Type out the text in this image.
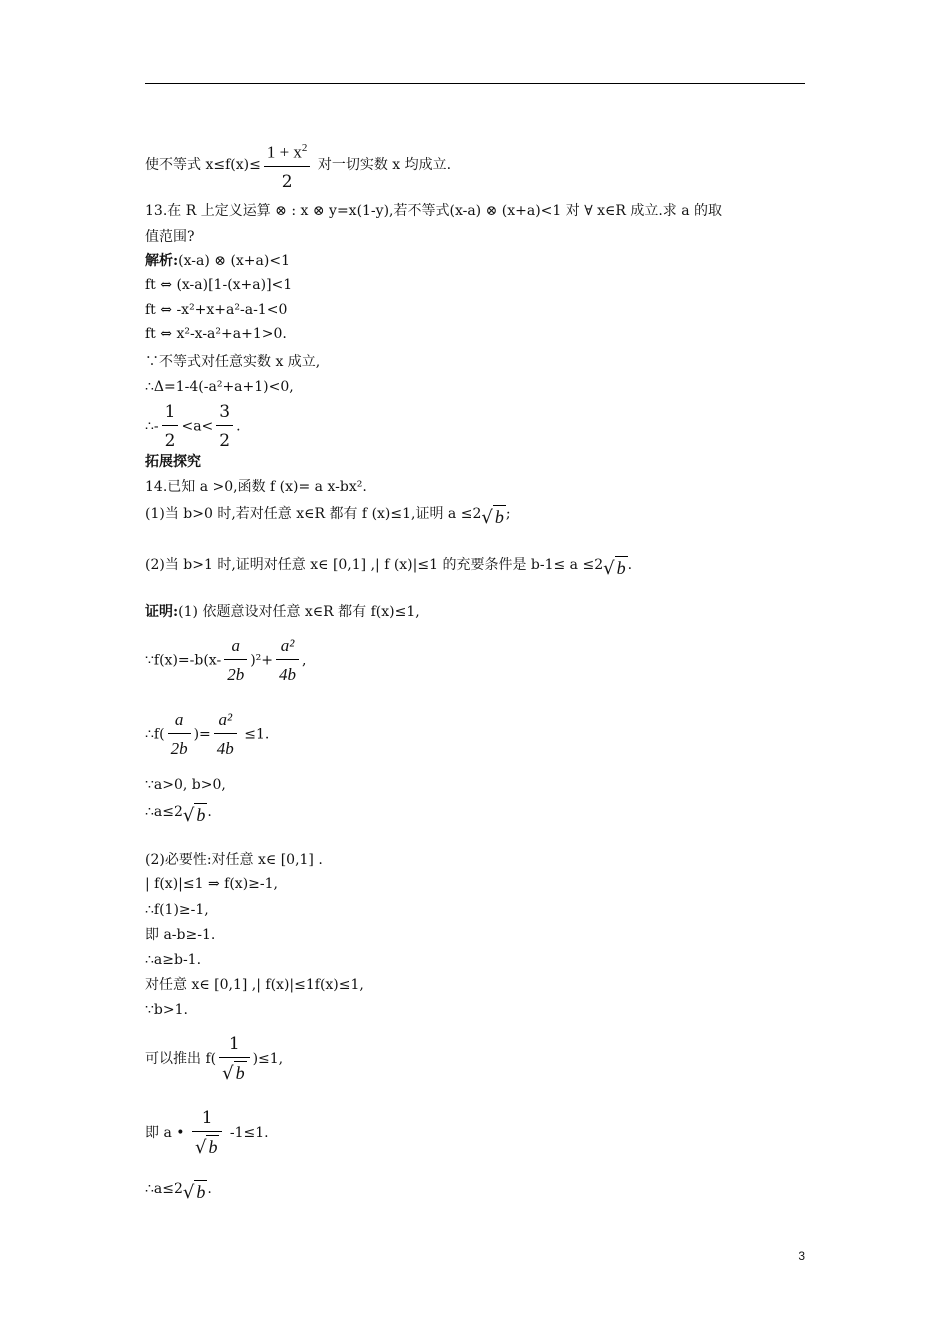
使不等式 $x\le f(x)\le \frac{1 + x^2}{2}$ 对一切实数 x 均成立.
13.在 R 上定义运算 ⊗ : x ⊗ y=x(1-y),若不等式(x-a) ⊗ (x+a)<1 对 ∀ x∈R 成立.求 a 的取
值范围?
解析:(x-a) ⊗ (x+a)<1
ft ⇔ (x-a)[1-(x+a)]<1
ft ⇔ -x²+x+a²-a-1<0
ft ⇔ x²-x-a²+a+1>0.
∵不等式对任意实数 x 成立,
∴Δ=1-4(-a²+a+1)<0,
∴- $\frac{1}{2} <a< \frac{3}{2}$ .
拓展探究
14.已知 a >0,函数 f (x)= a x-bx².
(1)当 b>0 时,若对任意 x∈R 都有 f (x)≤1,证明 a ≤2√ b ;
(2)当 b>1 时,证明对任意 x∈ [0,1] ,| f (x)|≤1 的充要条件是 b-1≤ a ≤2√ b .
证明:(1) 依题意设对任意 x∈R 都有 f(x)≤1,
∵f(x)=-b(x- $\frac{a}{2b} )^2+ \frac{\text{a²}}{4b}$ ,
∴f( $\frac{a}{2b}$ )= $\frac{\text{a²}}{4b} \le 1$.
∵a>0, b>0,
∴a≤2√ b .
(2)必要性:对任意 x∈ [0,1] .
| f(x)|≤1 ⇒ f(x)≥-1,
∴f(1)≥-1,
即 a-b≥-1.
∴a≥b-1.
对任意 x∈ [0,1] ,| f(x)|≤1f(x)≤1,
∵b>1.
可以推出 $f( \frac{1}{√ b} )\le 1$,
即 a • $\frac{1}{√ b} -1\le 1$.
∴a≤2√ b .
3
